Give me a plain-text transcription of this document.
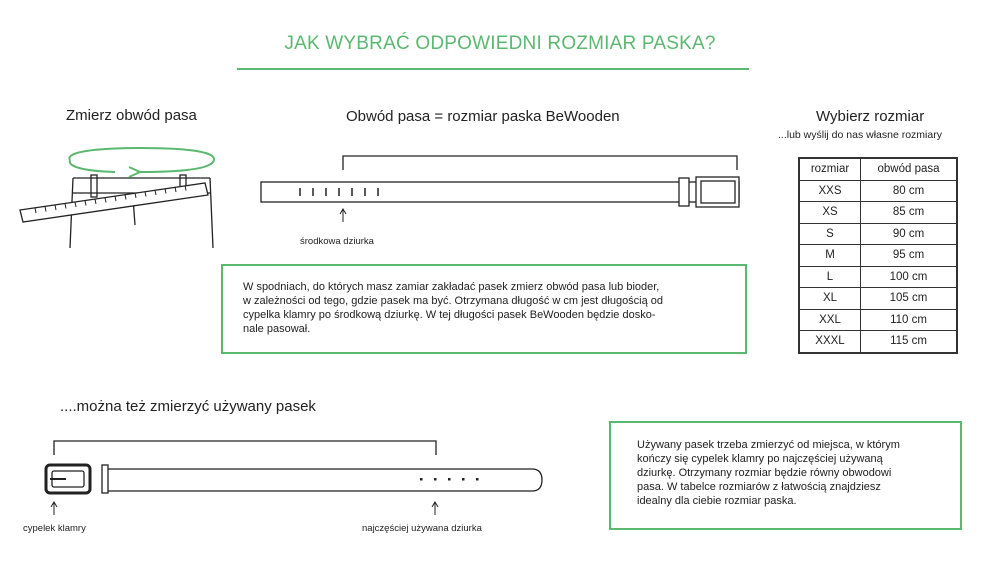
JAK WYBRAĆ ODPOWIEDNI ROZMIAR PASKA?
Zmierz obwód pasa	Obwód pasa = rozmiar paska BeWooden
środkowa dziurka
W spodniach, do których masz zamiar zakładać pasek zmierz obwód pasa lub bioder,
w zależności od tego, gdzie pasek ma być. Otrzymana długość w cm jest długością od
cypelka klamry po środkową dziurkę. W tej długości pasek BeWooden będzie dosko-
nale pasował.
Wybierz rozmiar
...lub wyślij do nas własne rozmiary
rozmiar	obwód pasa
XXS	80 cm
XS	85 cm
S	90 cm
M	95 cm
L	100 cm
XL	105 cm
XXL	110 cm
XXXL	115 cm
....można też zmierzyć używany pasek
cypelek klamry	najczęściej używana dziurka
Używany pasek trzeba zmierzyć od miejsca, w którym
kończy się cypelek klamry po najczęściej używaną
dziurkę. Otrzymany rozmiar będzie równy obwodowi
pasa. W tabelce rozmiarów z łatwością znajdziesz
idealny dla ciebie rozmiar paska.
